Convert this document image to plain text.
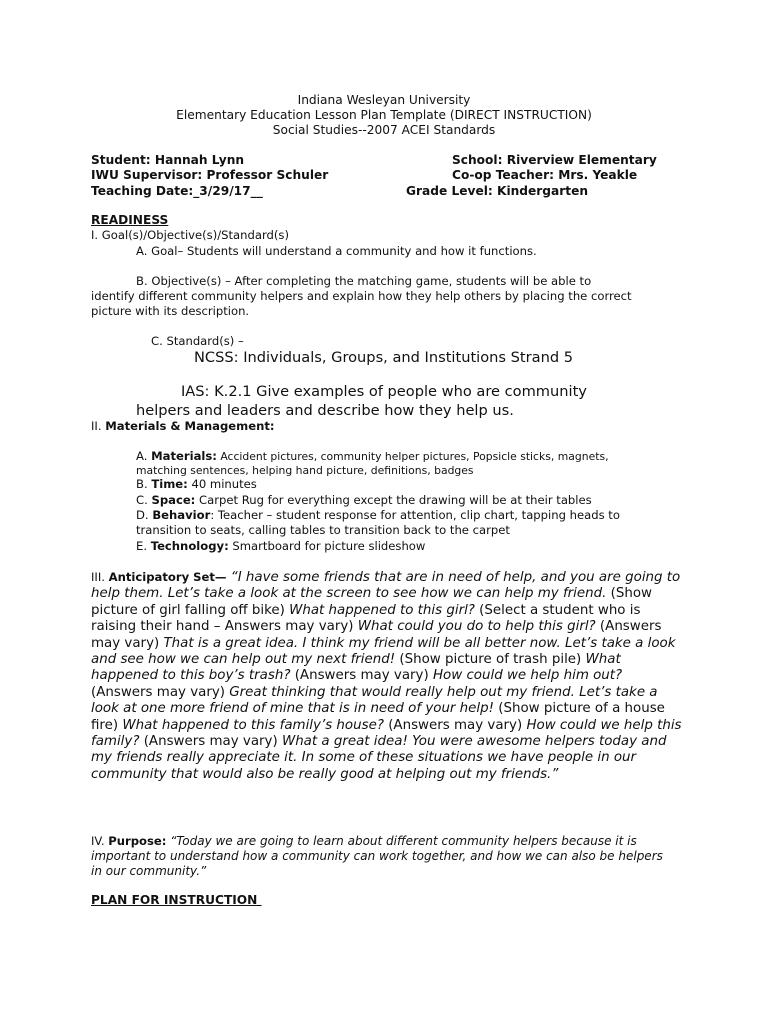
Indiana Wesleyan University
Elementary Education Lesson Plan Template (DIRECT INSTRUCTION)
Social Studies--2007 ACEI Standards
Student: Hannah Lynn	School: Riverview Elementary
IWU Supervisor: Professor Schuler	Co-op Teacher: Mrs. Yeakle
Teaching Date:_3/29/17__	Grade Level: Kindergarten
READINESS
I. Goal(s)/Objective(s)/Standard(s)
A. Goal– Students will understand a community and how it functions.
B. Objective(s) – After completing the matching game, students will be able to
identify different community helpers and explain how they help others by placing the correct
picture with its description.
C. Standard(s) –
NCSS: Individuals, Groups, and Institutions Strand 5
IAS: K.2.1 Give examples of people who are community
helpers and leaders and describe how they help us.
II. Materials & Management:
A. Materials: Accident pictures, community helper pictures, Popsicle sticks, magnets,
matching sentences, helping hand picture, definitions, badges
B. Time: 40 minutes
C. Space: Carpet Rug for everything except the drawing will be at their tables
D. Behavior: Teacher – student response for attention, clip chart, tapping heads to
transition to seats, calling tables to transition back to the carpet
E. Technology: Smartboard for picture slideshow
III. Anticipatory Set— “I have some friends that are in need of help, and you are going to help them. Let’s take a look at the screen to see how we can help my friend. (Show picture of girl falling off bike) What happened to this girl? (Select a student who is raising their hand – Answers may vary) What could you do to help this girl? (Answers may vary) That is a great idea. I think my friend will be all better now. Let’s take a look and see how we can help out my next friend! (Show picture of trash pile) What happened to this boy’s trash? (Answers may vary) How could we help him out? (Answers may vary) Great thinking that would really help out my friend. Let’s take a look at one more friend of mine that is in need of your help! (Show picture of a house fire) What happened to this family’s house? (Answers may vary) How could we help this family? (Answers may vary) What a great idea! You were awesome helpers today and my friends really appreciate it. In some of these situations we have people in our community that would also be really good at helping out my friends.”
IV. Purpose: “Today we are going to learn about different community helpers because it is important to understand how a community can work together, and how we can also be helpers in our community.”
PLAN FOR INSTRUCTION
